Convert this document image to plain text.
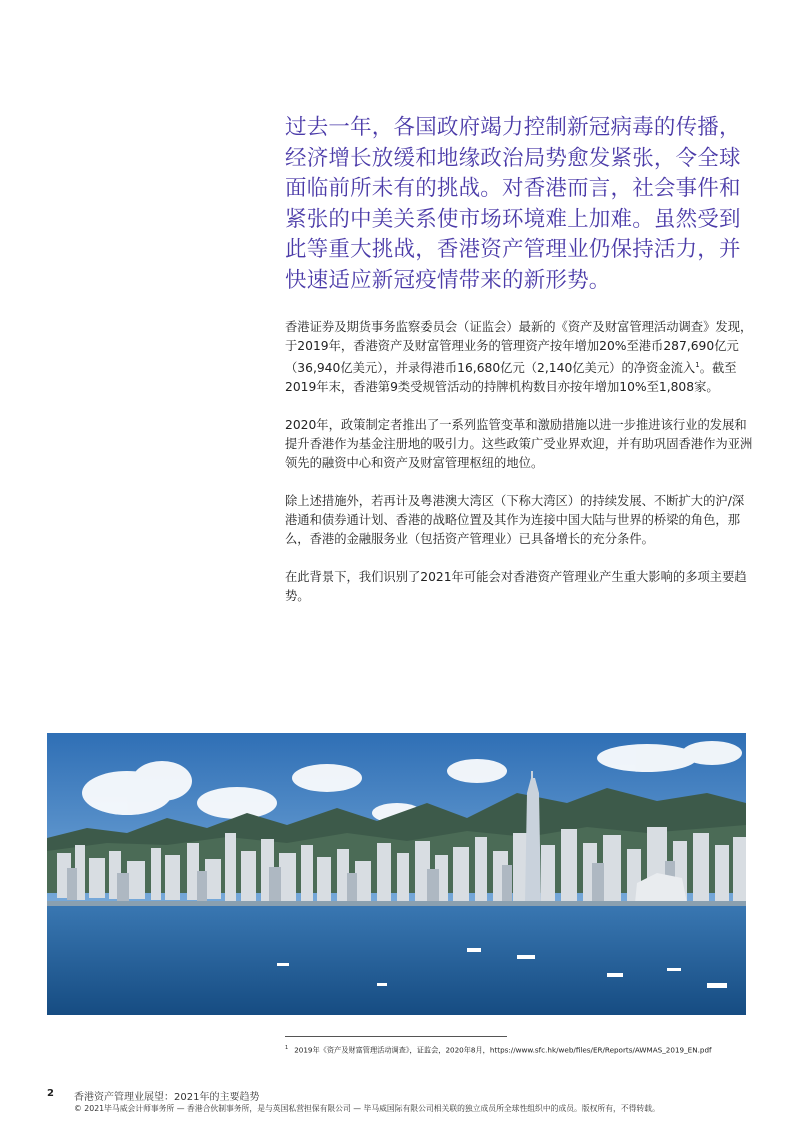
过去一年，各国政府竭力控制新冠病毒的传播，经济增长放缓和地缘政治局势愈发紧张，令全球面临前所未有的挑战。对香港而言，社会事件和紧张的中美关系使市场环境难上加难。虽然受到此等重大挑战，香港资产管理业仍保持活力，并快速适应新冠疫情带来的新形势。

香港证券及期货事务监察委员会（证监会）最新的《资产及财富管理活动调查》发现，于2019年，香港资产及财富管理业务的管理资产按年增加20%至港币287,690亿元（36,940亿美元），并录得港币16,680亿元（2,140亿美元）的净资金流入$^1$。截至2019年末，香港第9类受规管活动的持牌机构数目亦按年增加10%至1,808家。

2020年，政策制定者推出了一系列监管变革和激励措施以进一步推进该行业的发展和提升香港作为基金注册地的吸引力。这些政策广受业界欢迎，并有助巩固香港作为亚洲领先的融资中心和资产及财富管理枢纽的地位。

除上述措施外，若再计及粤港澳大湾区（下称大湾区）的持续发展、不断扩大的沪/深港通和债券通计划、香港的战略位置及其作为连接中国大陆与世界的桥梁的角色，那么，香港的金融服务业（包括资产管理业）已具备增长的充分条件。

在此背景下，我们识别了2021年可能会对香港资产管理业产生重大影响的多项主要趋势。

$^1$ 2019年《资产及财富管理活动调查》，证监会，2020年8月，https://www.sfc.hk/web/files/ER/Reports/AWMAS_2019_EN.pdf
2 香港资产管理业展望：2021年的主要趋势
© 2021毕马威会计师事务所 — 香港合伙制事务所，是与英国私营担保有限公司 — 毕马威国际有限公司相关联的独立成员所全球性组织中的成员。版权所有，不得转载。
